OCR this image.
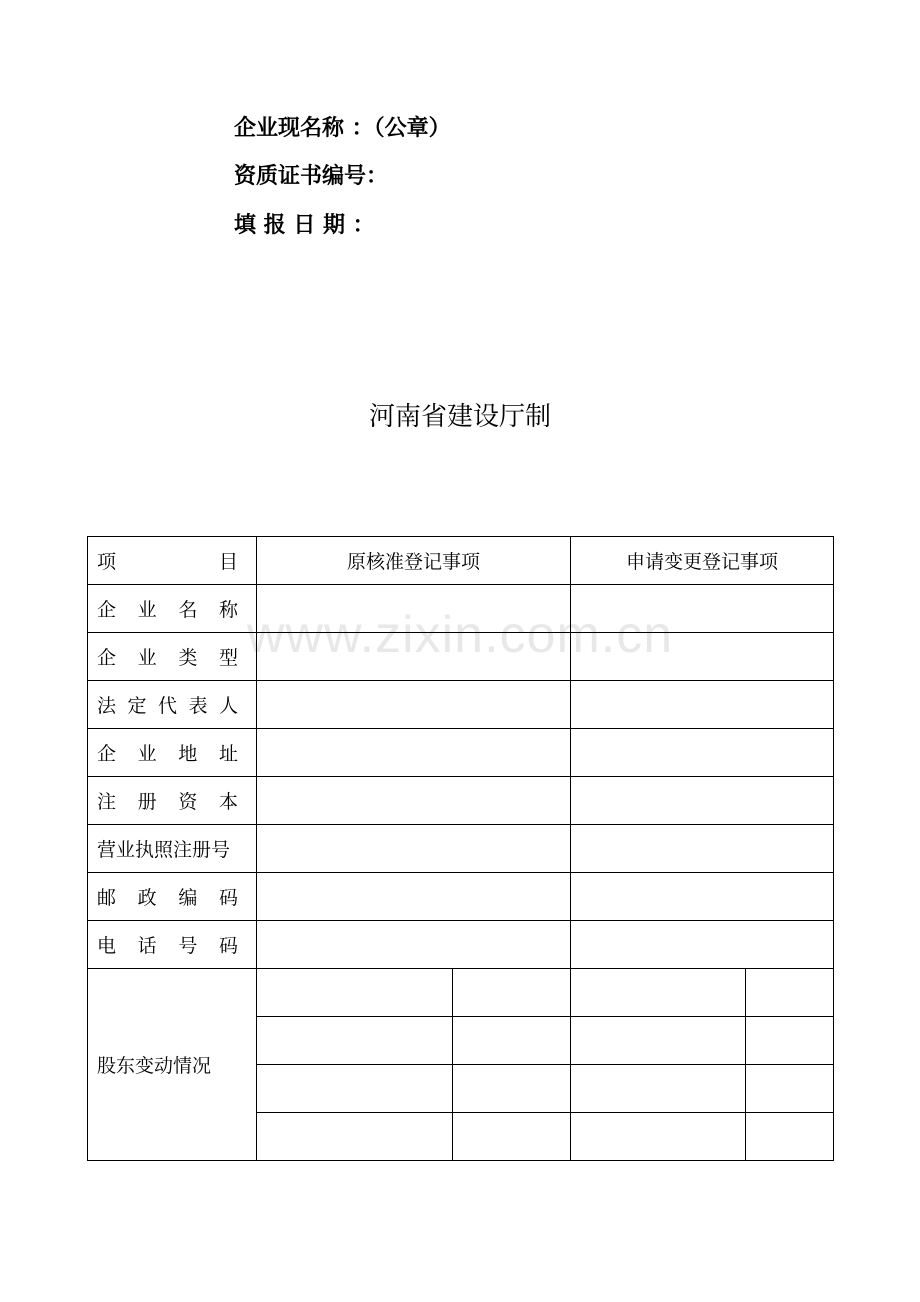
企业现名称 ：（公章）
资质证书编号：
填 报 日 期 ：
河南省建设厅制
项 目	原核准登记事项		申请变更登记事项	

企 业 名 称				

企 业 类 型				

法 定 代 表 人				

企 业 地 址				

注 册 资 本				

营业执照注册号				

邮 政 编 码				

电 话 号 码				

股东变动情况				

www.zixin.com.cn
